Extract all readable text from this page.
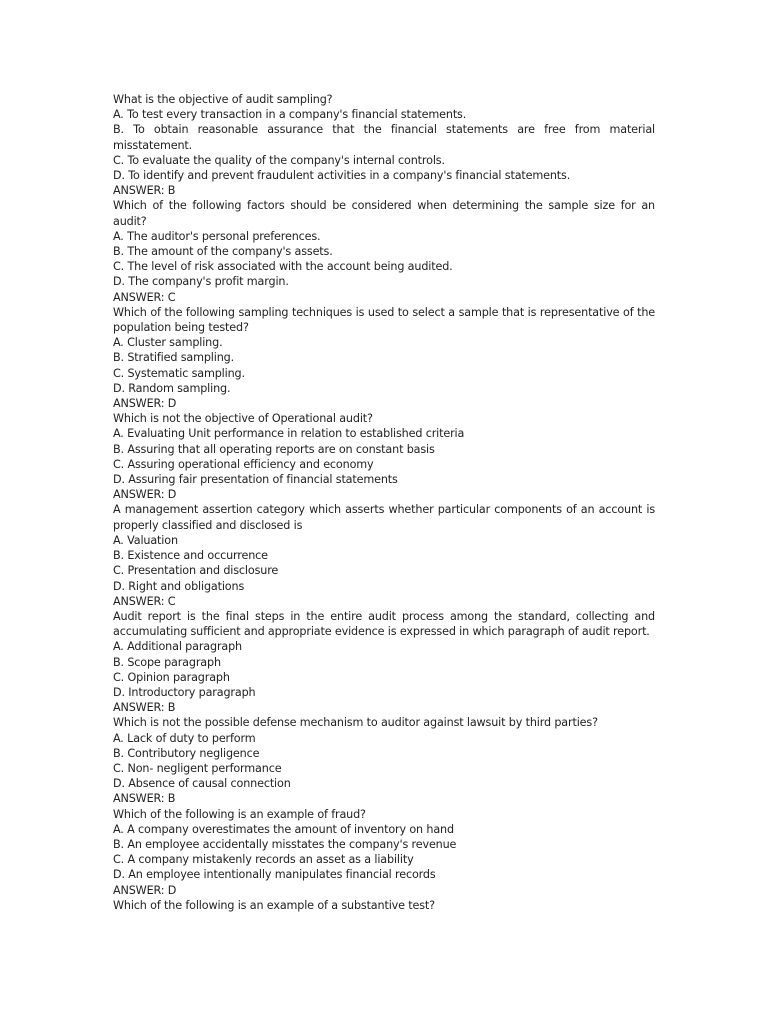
What is the objective of audit sampling?

A. To test every transaction in a company's financial statements.

B. To obtain reasonable assurance that the financial statements are free from material misstatement.

C. To evaluate the quality of the company's internal controls.

D. To identify and prevent fraudulent activities in a company's financial statements.

ANSWER: B

Which of the following factors should be considered when determining the sample size for an audit?

A. The auditor's personal preferences.

B. The amount of the company's assets.

C. The level of risk associated with the account being audited.

D. The company's profit margin.

ANSWER: C

Which of the following sampling techniques is used to select a sample that is representative of the population being tested?

A. Cluster sampling.

B. Stratified sampling.

C. Systematic sampling.

D. Random sampling.

ANSWER: D

Which is not the objective of Operational audit?

A. Evaluating Unit performance in relation to established criteria

B. Assuring that all operating reports are on constant basis

C. Assuring operational efficiency and economy

D. Assuring fair presentation of financial statements

ANSWER: D

A management assertion category which asserts whether particular components of an account is properly classified and disclosed is

A. Valuation

B. Existence and occurrence

C. Presentation and disclosure

D. Right and obligations

ANSWER: C

Audit report is the final steps in the entire audit process among the standard, collecting and accumulating sufficient and appropriate evidence is expressed in which paragraph of audit report.

A. Additional paragraph

B. Scope paragraph

C. Opinion paragraph

D. Introductory paragraph

ANSWER: B

Which is not the possible defense mechanism to auditor against lawsuit by third parties?

A. Lack of duty to perform

B. Contributory negligence

C. Non- negligent performance

D. Absence of causal connection

ANSWER: B

Which of the following is an example of fraud?

A. A company overestimates the amount of inventory on hand

B. An employee accidentally misstates the company's revenue

C. A company mistakenly records an asset as a liability

D. An employee intentionally manipulates financial records

ANSWER: D

Which of the following is an example of a substantive test?
